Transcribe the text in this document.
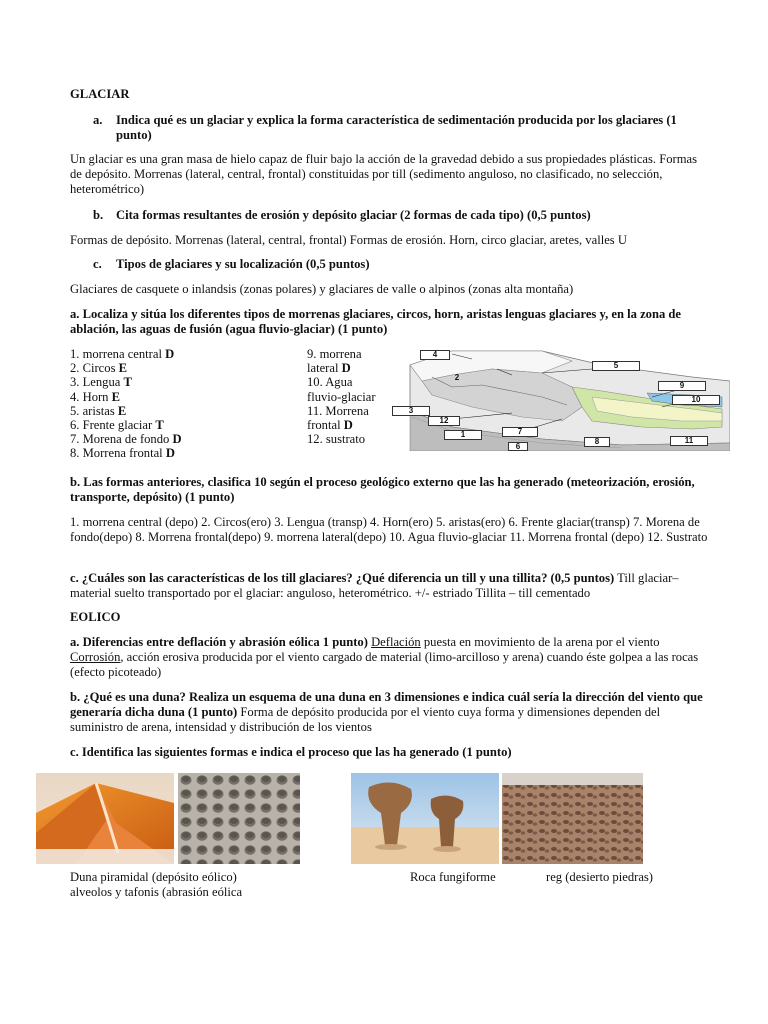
GLACIAR
a. Indica qué es un glaciar y explica la forma característica de sedimentación producida por los glaciares (1 punto)

Un glaciar es una gran masa de hielo capaz de fluir bajo la acción de la gravedad debido a sus propiedades plásticas. Formas de depósito. Morrenas (lateral, central, frontal) constituidas por till (sedimento anguloso, no clasificado, no selección, heterométrico)

b. Cita formas resultantes de erosión y depósito glaciar (2 formas de cada tipo) (0,5 puntos)

Formas de depósito. Morrenas (lateral, central, frontal) Formas de erosión. Horn, circo glaciar, aretes, valles U

c. Tipos de glaciares y su localización (0,5 puntos)

Glaciares de casquete o inlandsis (zonas polares) y glaciares de valle o alpinos (zonas alta montaña)

a. Localiza y sitúa los diferentes tipos de morrenas glaciares, circos, horn, aristas lenguas glaciares y, en la zona de ablación, las aguas de fusión (agua fluvio-glaciar) (1 punto)

1. morrena central D
2. Circos E
3. Lengua T
4. Horn E
5. aristas E
6. Frente glaciar T
7. Morena de fondo D
8. Morrena frontal D
9. morrena lateral D
10. Agua fluvio-glaciar
11. Morrena frontal D
12. sustrato
4
5
2
3
9
10
12
1	7
6
8	11

b. Las formas anteriores, clasifica 10 según el proceso geológico externo que las ha generado (meteorización, erosión, transporte, depósito) (1 punto)

1. morrena central (depo) 2. Circos(ero) 3. Lengua (transp) 4. Horn(ero) 5. aristas(ero) 6. Frente glaciar(transp) 7. Morena de fondo(depo) 8. Morrena frontal(depo) 9. morrena lateral(depo) 10. Agua fluvio-glaciar 11. Morrena frontal (depo) 12. Sustrato

c. ¿Cuáles son las características de los till glaciares? ¿Qué diferencia un till y una tillita? (0,5 puntos) Till glaciar– material suelto transportado por el glaciar: anguloso, heterométrico. +/- estriado Tillita – till cementado

EOLICO

a. Diferencias entre deflación y abrasión eólica 1 punto) Deflación puesta en movimiento de la arena por el viento
Corrosión, acción erosiva producida por el viento cargado de material (limo-arcilloso y arena) cuando éste golpea a las rocas (efecto picoteado)

b. ¿Qué es una duna? Realiza un esquema de una duna en 3 dimensiones e indica cuál sería la dirección del viento que generaría dicha duna (1 punto) Forma de depósito producida por el viento cuya forma y dimensiones dependen del suministro de arena, intensidad y distribución de los vientos

c. Identifica las siguientes formas e indica el proceso que las ha generado (1 punto)

Duna piramidal (depósito eólico)
alveolos y tafonis (abrasión eólica
Roca fungiforme	reg (desierto piedras)
